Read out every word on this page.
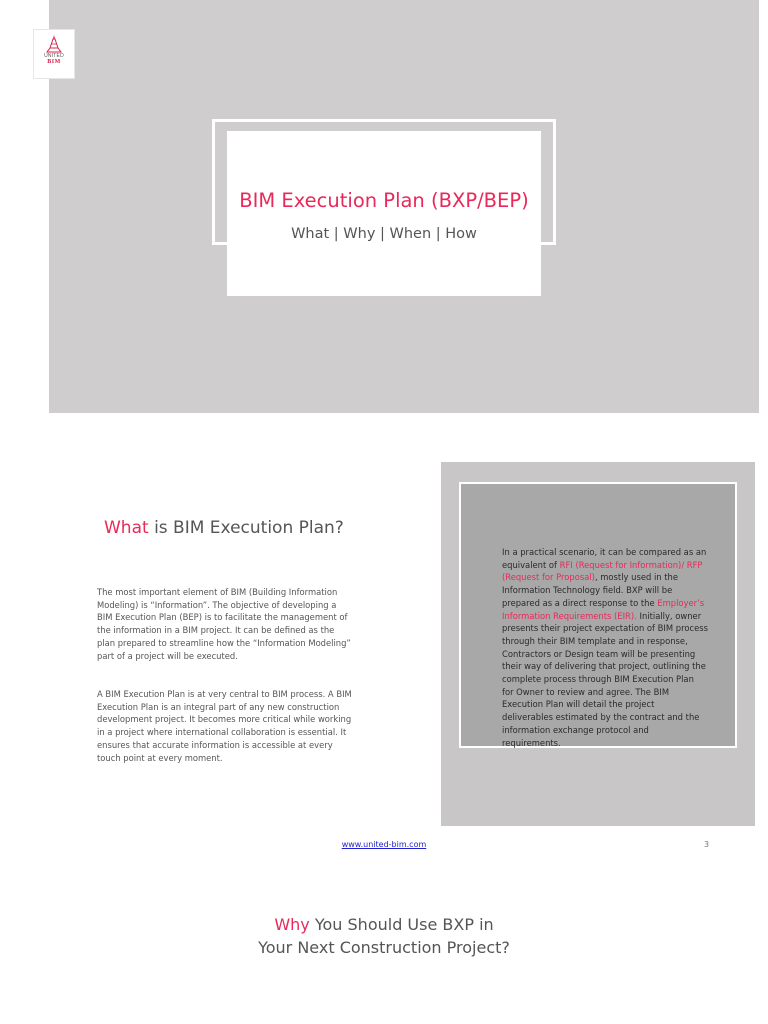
UNITED
BIM
BIM Execution Plan (BXP/BEP)
What | Why | When | How
What is BIM Execution Plan?
The most important element of BIM (Building Information Modeling) is “Information”. The objective of developing a BIM Execution Plan (BEP) is to facilitate the management of the information in a BIM project. It can be defined as the plan prepared to streamline how the “Information Modeling” part of a project will be executed.
A BIM Execution Plan is at very central to BIM process. A BIM Execution Plan is an integral part of any new construction development project. It becomes more critical while working in a project where international collaboration is essential. It ensures that accurate information is accessible at every touch point at every moment.
In a practical scenario, it can be compared as an equivalent of RFI (Request for Information)/ RFP (Request for Proposal), mostly used in the Information Technology field. BXP will be prepared as a direct response to the Employer’s Information Requirements (EIR). Initially, owner presents their project expectation of BIM process through their BIM template and in response, Contractors or Design team will be presenting their way of delivering that project, outlining the complete process through BIM Execution Plan for Owner to review and agree. The BIM Execution Plan will detail the project deliverables estimated by the contract and the information exchange protocol and requirements.
www.united-bim.com	3
Why You Should Use BXP in
Your Next Construction Project?
